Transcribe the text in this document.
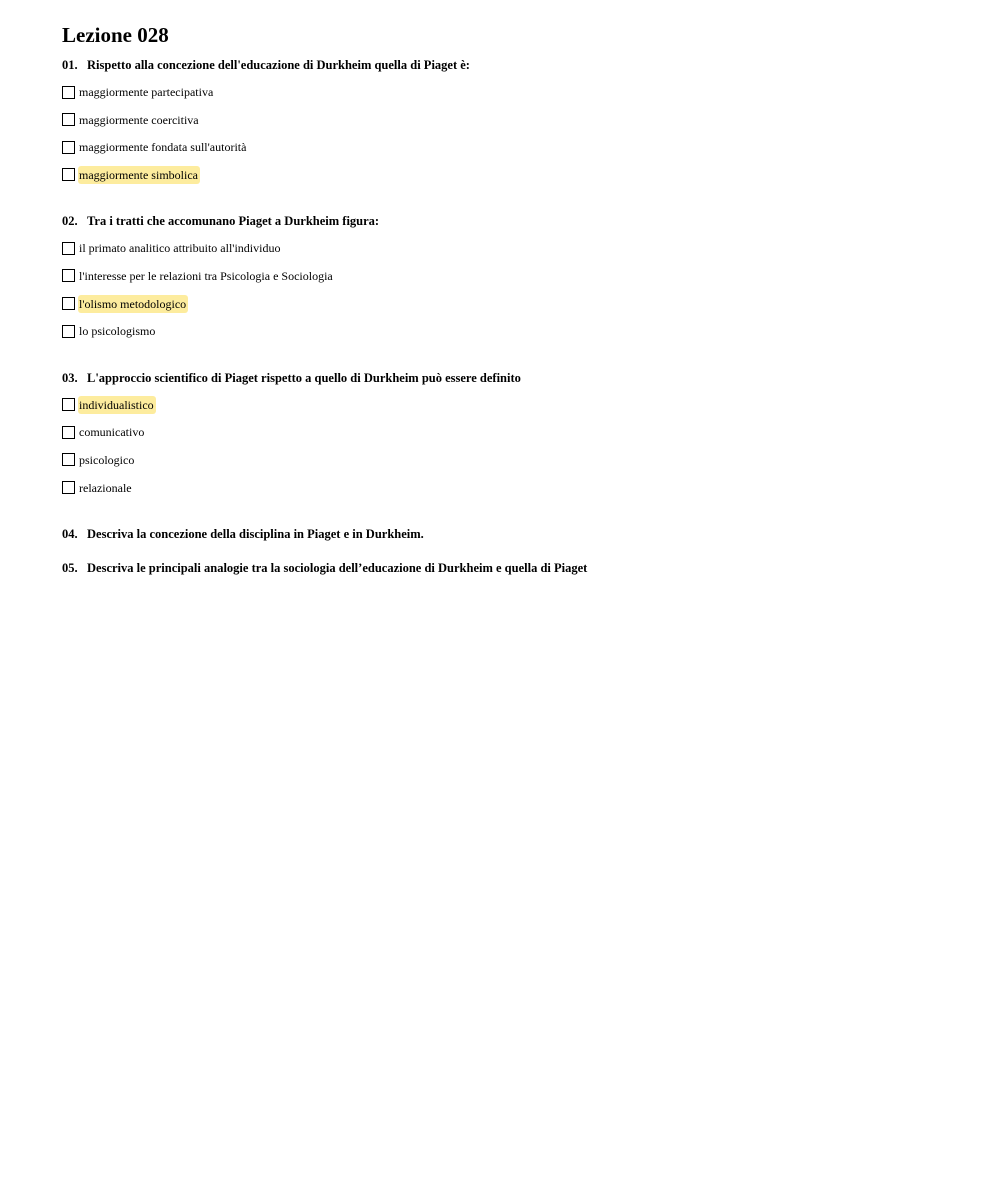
Lezione 028
01. Rispetto alla concezione dell'educazione di Durkheim quella di Piaget è:
maggiormente partecipativa
maggiormente coercitiva
maggiormente fondata sull'autorità
maggiormente simbolica
02. Tra i tratti che accomunano Piaget a Durkheim figura:
il primato analitico attribuito all'individuo
l'interesse per le relazioni tra Psicologia e Sociologia
l'olismo metodologico
lo psicologismo
03. L'approccio scientifico di Piaget rispetto a quello di Durkheim può essere definito
individualistico
comunicativo
psicologico
relazionale
04. Descriva la concezione della disciplina in Piaget e in Durkheim.
05. Descriva le principali analogie tra la sociologia dell’educazione di Durkheim e quella di Piaget
